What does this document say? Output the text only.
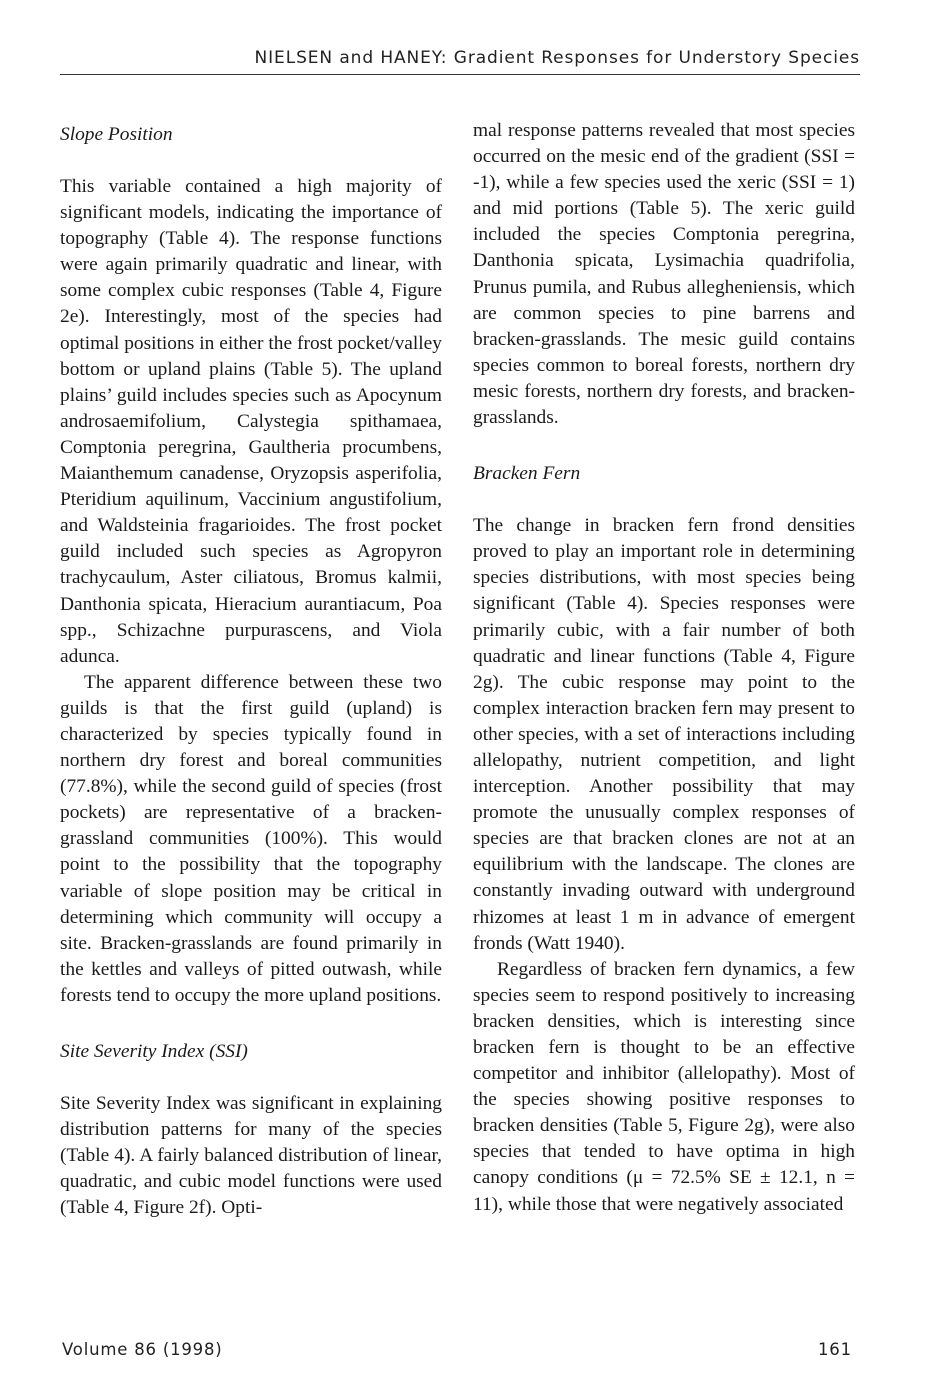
NIELSEN and HANEY: Gradient Responses for Understory Species
Slope Position

This variable contained a high majority of significant models, indicating the importance of topography (Table 4). The response functions were again primarily quadratic and linear, with some complex cubic responses (Table 4, Figure 2e). Interestingly, most of the species had optimal positions in either the frost pocket/valley bottom or upland plains (Table 5). The upland plains’ guild includes species such as Apocynum androsaemifolium, Calystegia spithamaea, Comptonia peregrina, Gaultheria procumbens, Maianthemum canadense, Oryzopsis asperifolia, Pteridium aquilinum, Vaccinium angustifolium, and Waldsteinia fragarioides. The frost pocket guild included such species as Agropyron trachycaulum, Aster ciliatous, Bromus kalmii, Danthonia spicata, Hieracium aurantiacum, Poa spp., Schizachne purpurascens, and Viola adunca.

The apparent difference between these two guilds is that the first guild (upland) is characterized by species typically found in northern dry forest and boreal communities (77.8%), while the second guild of species (frost pockets) are representative of a bracken-grassland communities (100%). This would point to the possibility that the topography variable of slope position may be critical in determining which community will occupy a site. Bracken-grasslands are found primarily in the kettles and valleys of pitted outwash, while forests tend to occupy the more upland positions.

Site Severity Index (SSI)

Site Severity Index was significant in explaining distribution patterns for many of the species (Table 4). A fairly balanced distribution of linear, quadratic, and cubic model functions were used (Table 4, Figure 2f). Opti-

mal response patterns revealed that most species occurred on the mesic end of the gradient (SSI = -1), while a few species used the xeric (SSI = 1) and mid portions (Table 5). The xeric guild included the species Comptonia peregrina, Danthonia spicata, Lysimachia quadrifolia, Prunus pumila, and Rubus allegheniensis, which are common species to pine barrens and bracken-grasslands. The mesic guild contains species common to boreal forests, northern dry mesic forests, northern dry forests, and bracken-grasslands.

Bracken Fern

The change in bracken fern frond densities proved to play an important role in determining species distributions, with most species being significant (Table 4). Species responses were primarily cubic, with a fair number of both quadratic and linear functions (Table 4, Figure 2g). The cubic response may point to the complex interaction bracken fern may present to other species, with a set of interactions including allelopathy, nutrient competition, and light interception. Another possibility that may promote the unusually complex responses of species are that bracken clones are not at an equilibrium with the landscape. The clones are constantly invading outward with underground rhizomes at least 1 m in advance of emergent fronds (Watt 1940).

Regardless of bracken fern dynamics, a few species seem to respond positively to increasing bracken densities, which is interesting since bracken fern is thought to be an effective competitor and inhibitor (allelopathy). Most of the species showing positive responses to bracken densities (Table 5, Figure 2g), were also species that tended to have optima in high canopy conditions (μ = 72.5% SE ± 12.1, n = 11), while those that were negatively associated

Volume 86 (1998)	161
